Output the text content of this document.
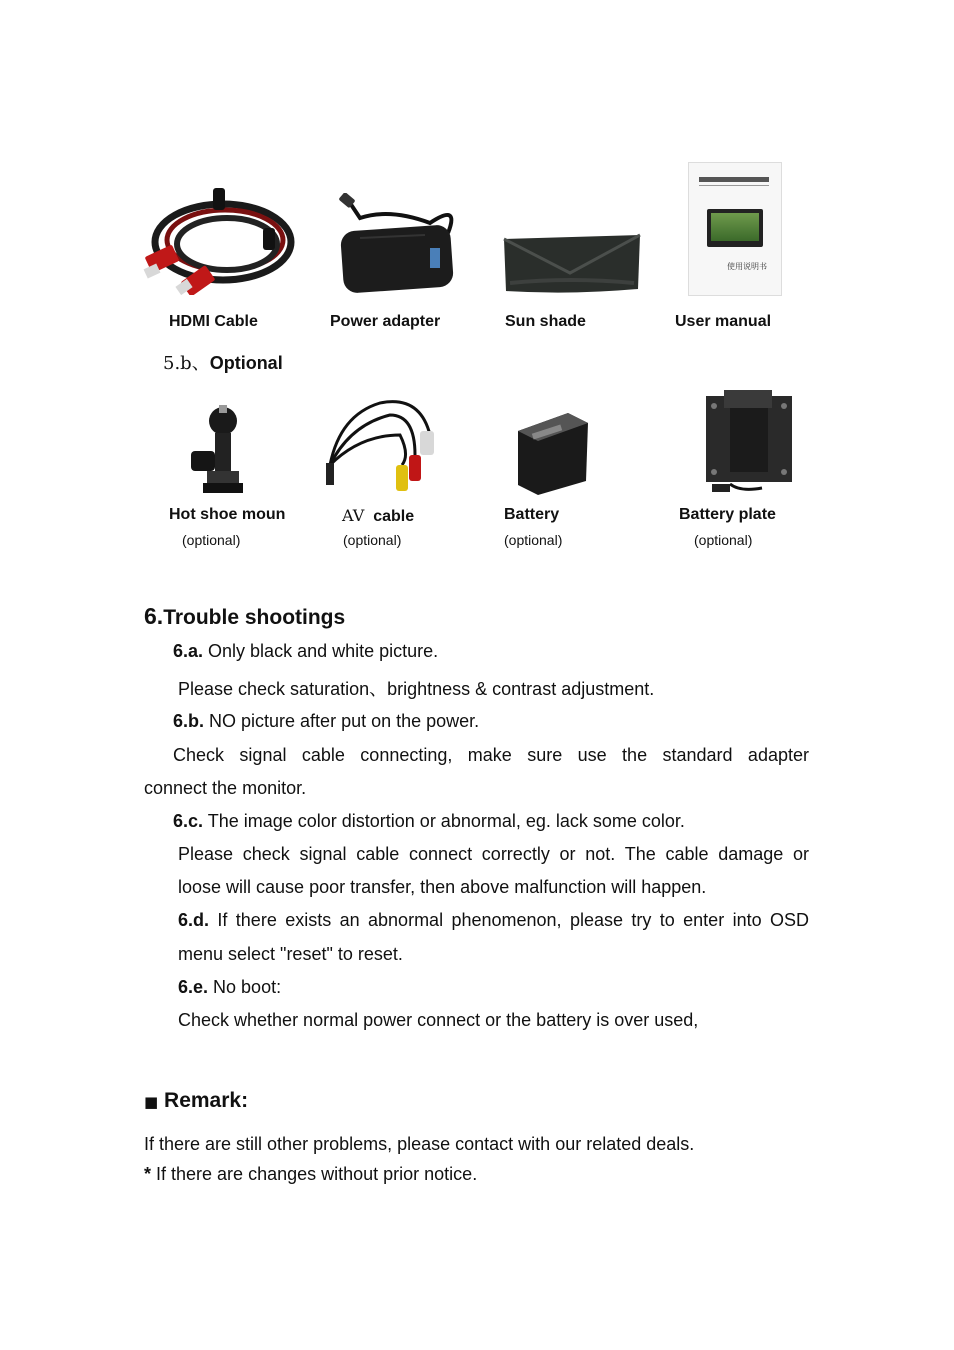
使用说明书
HDMI Cable	Power adapter	Sun shade	User manual
5.b、Optional
Hot shoe moun	AV cable	Battery	Battery plate
(optional)	(optional)	(optional)	(optional)
6.Trouble shootings
6.a. Only black and white picture.
Please check saturation、brightness & contrast adjustment.
6.b. NO picture after put on the power.
Check signal cable connecting, make sure use the standard adapter
connect the monitor.
6.c. The image color distortion or abnormal, eg. lack some color.
Please check signal cable connect correctly or not. The cable damage or
loose will cause poor transfer, then above malfunction will happen.
6.d. If there exists an abnormal phenomenon, please try to enter into OSD
menu select "reset" to reset.
6.e. No boot:
Check whether normal power connect or the battery is over used,
■ Remark:
If there are still other problems, please contact with our related deals.
* If there are changes without prior notice.
